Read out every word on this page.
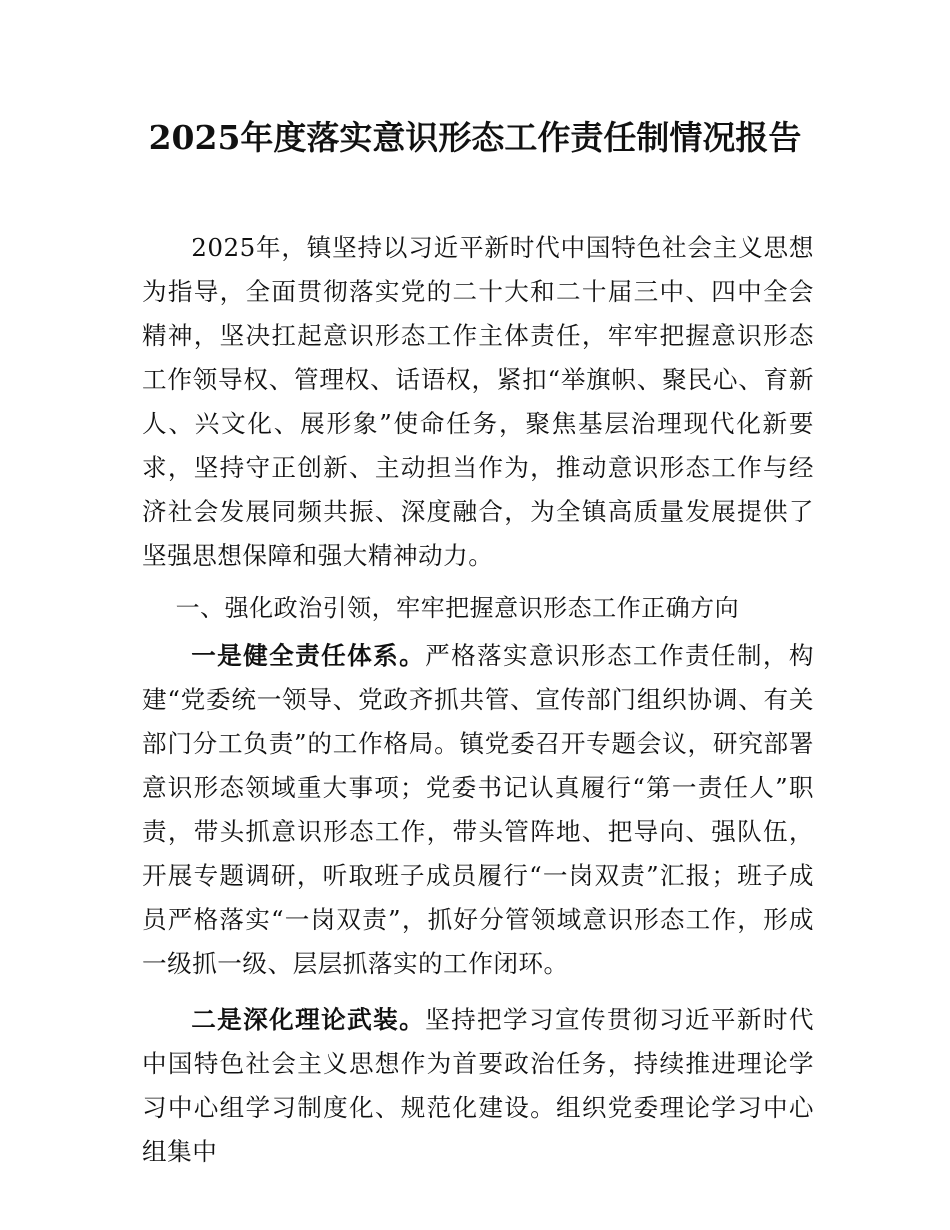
2025年度落实意识形态工作责任制情况报告

2025年，镇坚持以习近平新时代中国特色社会主义思想为指导，全面贯彻落实党的二十大和二十届三中、四中全会精神，坚决扛起意识形态工作主体责任，牢牢把握意识形态工作领导权、管理权、话语权，紧扣“举旗帜、聚民心、育新人、兴文化、展形象”使命任务，聚焦基层治理现代化新要求，坚持守正创新、主动担当作为，推动意识形态工作与经济社会发展同频共振、深度融合，为全镇高质量发展提供了坚强思想保障和强大精神动力。

一、强化政治引领，牢牢把握意识形态工作正确方向

一是健全责任体系。严格落实意识形态工作责任制，构建“党委统一领导、党政齐抓共管、宣传部门组织协调、有关部门分工负责”的工作格局。镇党委召开专题会议，研究部署意识形态领域重大事项；党委书记认真履行“第一责任人”职责，带头抓意识形态工作，带头管阵地、把导向、强队伍，开展专题调研，听取班子成员履行“一岗双责”汇报；班子成员严格落实“一岗双责”，抓好分管领域意识形态工作，形成一级抓一级、层层抓落实的工作闭环。

二是深化理论武装。坚持把学习宣传贯彻习近平新时代中国特色社会主义思想作为首要政治任务，持续推进理论学习中心组学习制度化、规范化建设。组织党委理论学习中心组集中
